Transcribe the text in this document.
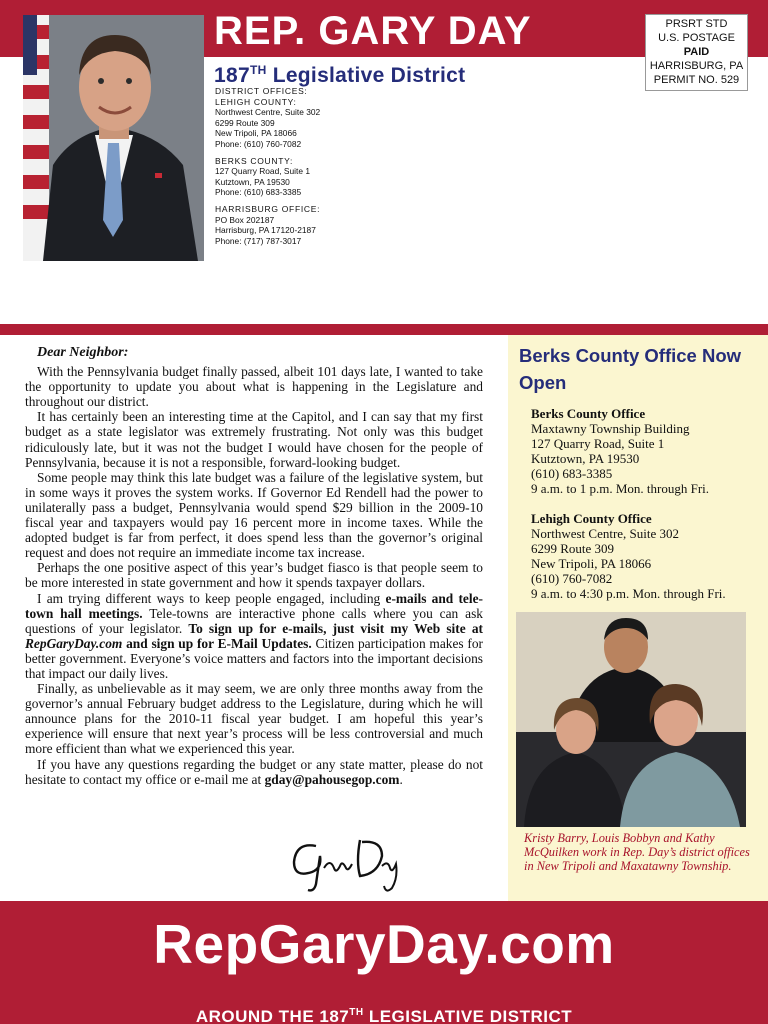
REP. GARY DAY
187TH Legislative District
PRSRT STD
U.S. POSTAGE
PAID
HARRISBURG, PA
PERMIT NO. 529
DISTRICT OFFICES:
LEHIGH COUNTY:
Northwest Centre, Suite 302
6299 Route 309
New Tripoli, PA 18066
Phone: (610) 760-7082
BERKS COUNTY:
127 Quarry Road, Suite 1
Kutztown, PA 19530
Phone: (610) 683-3385
HARRISBURG OFFICE:
PO Box 202187
Harrisburg, PA 17120-2187
Phone: (717) 787-3017
Dear Neighbor:

With the Pennsylvania budget finally passed, albeit 101 days late, I wanted to take the opportunity to update you about what is happening in the Legislature and throughout our district.

It has certainly been an interesting time at the Capitol, and I can say that my first budget as a state legislator was extremely frustrating. Not only was this budget ridiculously late, but it was not the budget I would have chosen for the people of Pennsylvania, because it is not a responsible, forward-looking budget.

Some people may think this late budget was a failure of the legislative system, but in some ways it proves the system works. If Governor Ed Rendell had the power to unilaterally pass a budget, Pennsylvania would spend $29 billion in the 2009-10 fiscal year and taxpayers would pay 16 percent more in income taxes. While the adopted budget is far from perfect, it does spend less than the governor’s original request and does not require an immediate income tax increase.

Perhaps the one positive aspect of this year’s budget fiasco is that people seem to be more interested in state government and how it spends taxpayer dollars.

I am trying different ways to keep people engaged, including e-mails and tele-town hall meetings. Tele-towns are interactive phone calls where you can ask questions of your legislator. To sign up for e-mails, just visit my Web site at RepGaryDay.com and sign up for E-Mail Updates. Citizen participation makes for better government. Everyone’s voice matters and factors into the important decisions that impact our daily lives.

Finally, as unbelievable as it may seem, we are only three months away from the governor’s annual February budget address to the Legislature, during which he will announce plans for the 2010-11 fiscal year budget. I am hopeful this year’s experience will ensure that next year’s process will be less controversial and much more efficient than what we experienced this year.

If you have any questions regarding the budget or any state matter, please do not hesitate to contact my office or e-mail me at gday@pahousegop.com.

Berks County Office Now Open
Berks County Office
Maxtawny Township Building
127 Quarry Road, Suite 1
Kutztown, PA 19530
(610) 683-3385
9 a.m. to 1 p.m. Mon. through Fri.
Lehigh County Office
Northwest Centre, Suite 302
6299 Route 309
New Tripoli, PA 18066
(610) 760-7082
9 a.m. to 4:30 p.m. Mon. through Fri.
Kristy Barry, Louis Bobbyn and Kathy McQuilken work in Rep. Day’s district offices in New Tripoli and Maxatawny Township.
RepGaryDay.com
AROUND THE 187TH LEGISLATIVE DISTRICT
